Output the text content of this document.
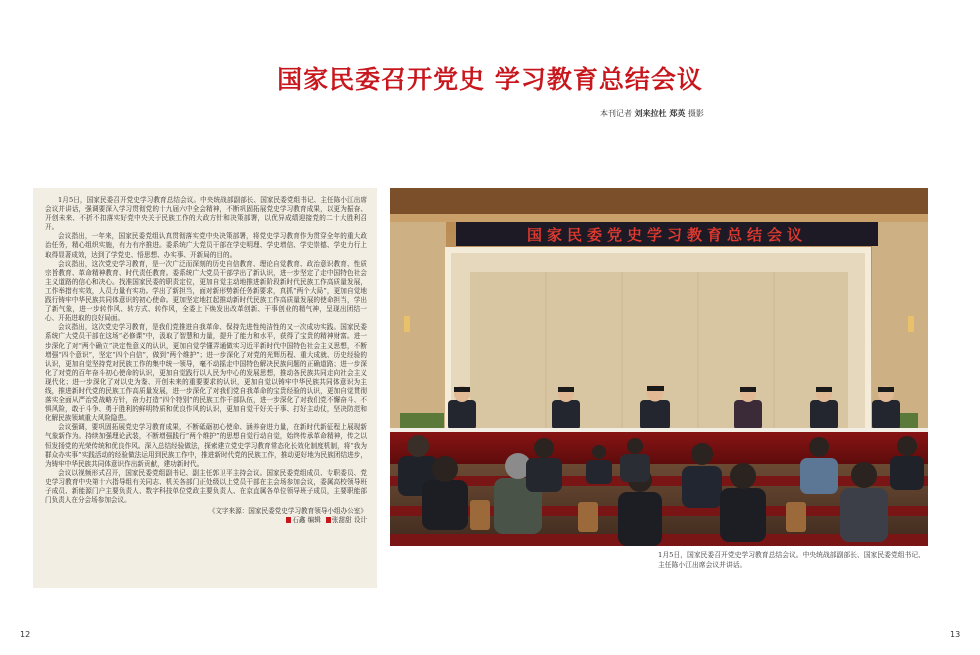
国家民委召开党史 学习教育总结会议
本刊记者 刘来拉杜 郑英 摄影

1月5日，国家民委召开党史学习教育总结会议。中央统战部副部长、国家民委党组书记、主任陈小江出席会议并讲话，强调要深入学习贯彻党的十九届六中全会精神，不断巩固拓展党史学习教育成果，以更为振奋、开创未来、不折不扣落实好党中央关于民族工作的大政方针和决策部署，以优异成绩迎接党的二十大胜利召开。

会议指出，一年来，国家民委党组认真贯彻落实党中央决策部署，将党史学习教育作为贯穿全年的重大政治任务，精心组织实施，有力有序推进。委系统广大党员干部在学史明理、学史增信、学史崇德、学史力行上取得显著成效，达到了学党史、悟思想、办实事、开新局的目的。

会议指出，这次党史学习教育，是一次广泛而深刻的历史自信教育、理论自觉教育、政治意识教育、性质宗旨教育、革命精神教育、时代责任教育。委系统广大党员干部学出了新认识，进一步坚定了走中国特色社会主义道路的信心和决心。找准国家民委的职责定位，更加自觉主动地推进新阶段新时代民族工作高质量发展，工作举措有实效，人员力量有实功。学出了新担当，面对新形势新任务新要求，真抓“两个大局”，更加自觉地践行铸牢中华民族共同体意识的初心使命。更加坚定地扛起推动新时代民族工作高质量发展的使命担当，学出了新气象，进一步转作风、转方式、转作风，全委上下焕发出改革创新、干事创业的精气神，呈现出团结一心、开拓进取的良好局面。

会议指出，这次党史学习教育，是我们党推进自我革命、保持先进性纯洁性的又一次成功实践。国家民委系统广大党员干部在这场“必修课”中，汲取了智慧和力量，提升了能力和水平，获得了宝贵的精神财富。进一步深化了对“两个确立”决定性意义的认识，更加自觉学懂弄通做实习近平新时代中国特色社会主义思想，不断增强“四个意识”，坚定“四个自信”，做到“两个维护”；进一步深化了对党的光辉历程、重大成就、历史经验的认识，更加自觉坚持党对民族工作的集中统一领导，毫不动摇走中国特色解决民族问题的正确道路；进一步深化了对党的百年奋斗初心使命的认识，更加自觉践行以人民为中心的发展思想，推动各民族共同走向社会主义现代化；进一步深化了对以史为鉴、开创未来的重要要求的认识，更加自觉以铸牢中华民族共同体意识为主线，推进新时代党的民族工作高质量发展，进一步深化了对我们党自我革命的宝贵经验的认识，更加自觉贯彻落实全面从严治党战略方针，奋力打造“四个特别”的民族工作干部队伍，进一步深化了对我们党不懈奋斗、不惧风险，敢于斗争、勇于胜利的鲜明特质和优良作风的认识，更加自觉干好关于事、打好主动仗，坚决防范和化解民族领域重大风险隐患。

会议强调，要巩固拓展党史学习教育成果，不断砥砺初心使命、涵养奋进力量，在新时代新征程上展现新气象新作为。持续加强理论武装，不断增强践行“两个维护”的思想自觉行动自觉，始终传承革命精神，传之以恒发扬党的光荣传统和优良作风。深入总结经验做法，探索建立党史学习教育常态化长效化制度机制，将“我为群众办实事”实践活动的经验做法运用到民族工作中，推进新时代党的民族工作，推动更好地为民族团结进步，为铸牢中华民族共同体意识作出新贡献，建功新时代。

会议以视频形式召开，国家民委党组副书记、副主任郭卫平主持会议。国家民委党组成员、专职委员、党史学习教育中央第十六指导组有关同志、机关各部门正处级以上党员干部在主会场参加会议，委属高校领导班子成员、新能源门户主要负责人、数字科技单位党政主要负责人、在京直属各单位领导班子成员，主要职能部门负责人在分会场参加会议。

《文字来源：国家民委党史学习教育领导小组办公室》

石鑫 编辑 张甜甜 设计

国家民委党史学习教育总结会议
1月5日，国家民委召开党史学习教育总结会议。中央统战部副部长、国家民委党组书记、主任陈小江出席会议并讲话。
12	13
